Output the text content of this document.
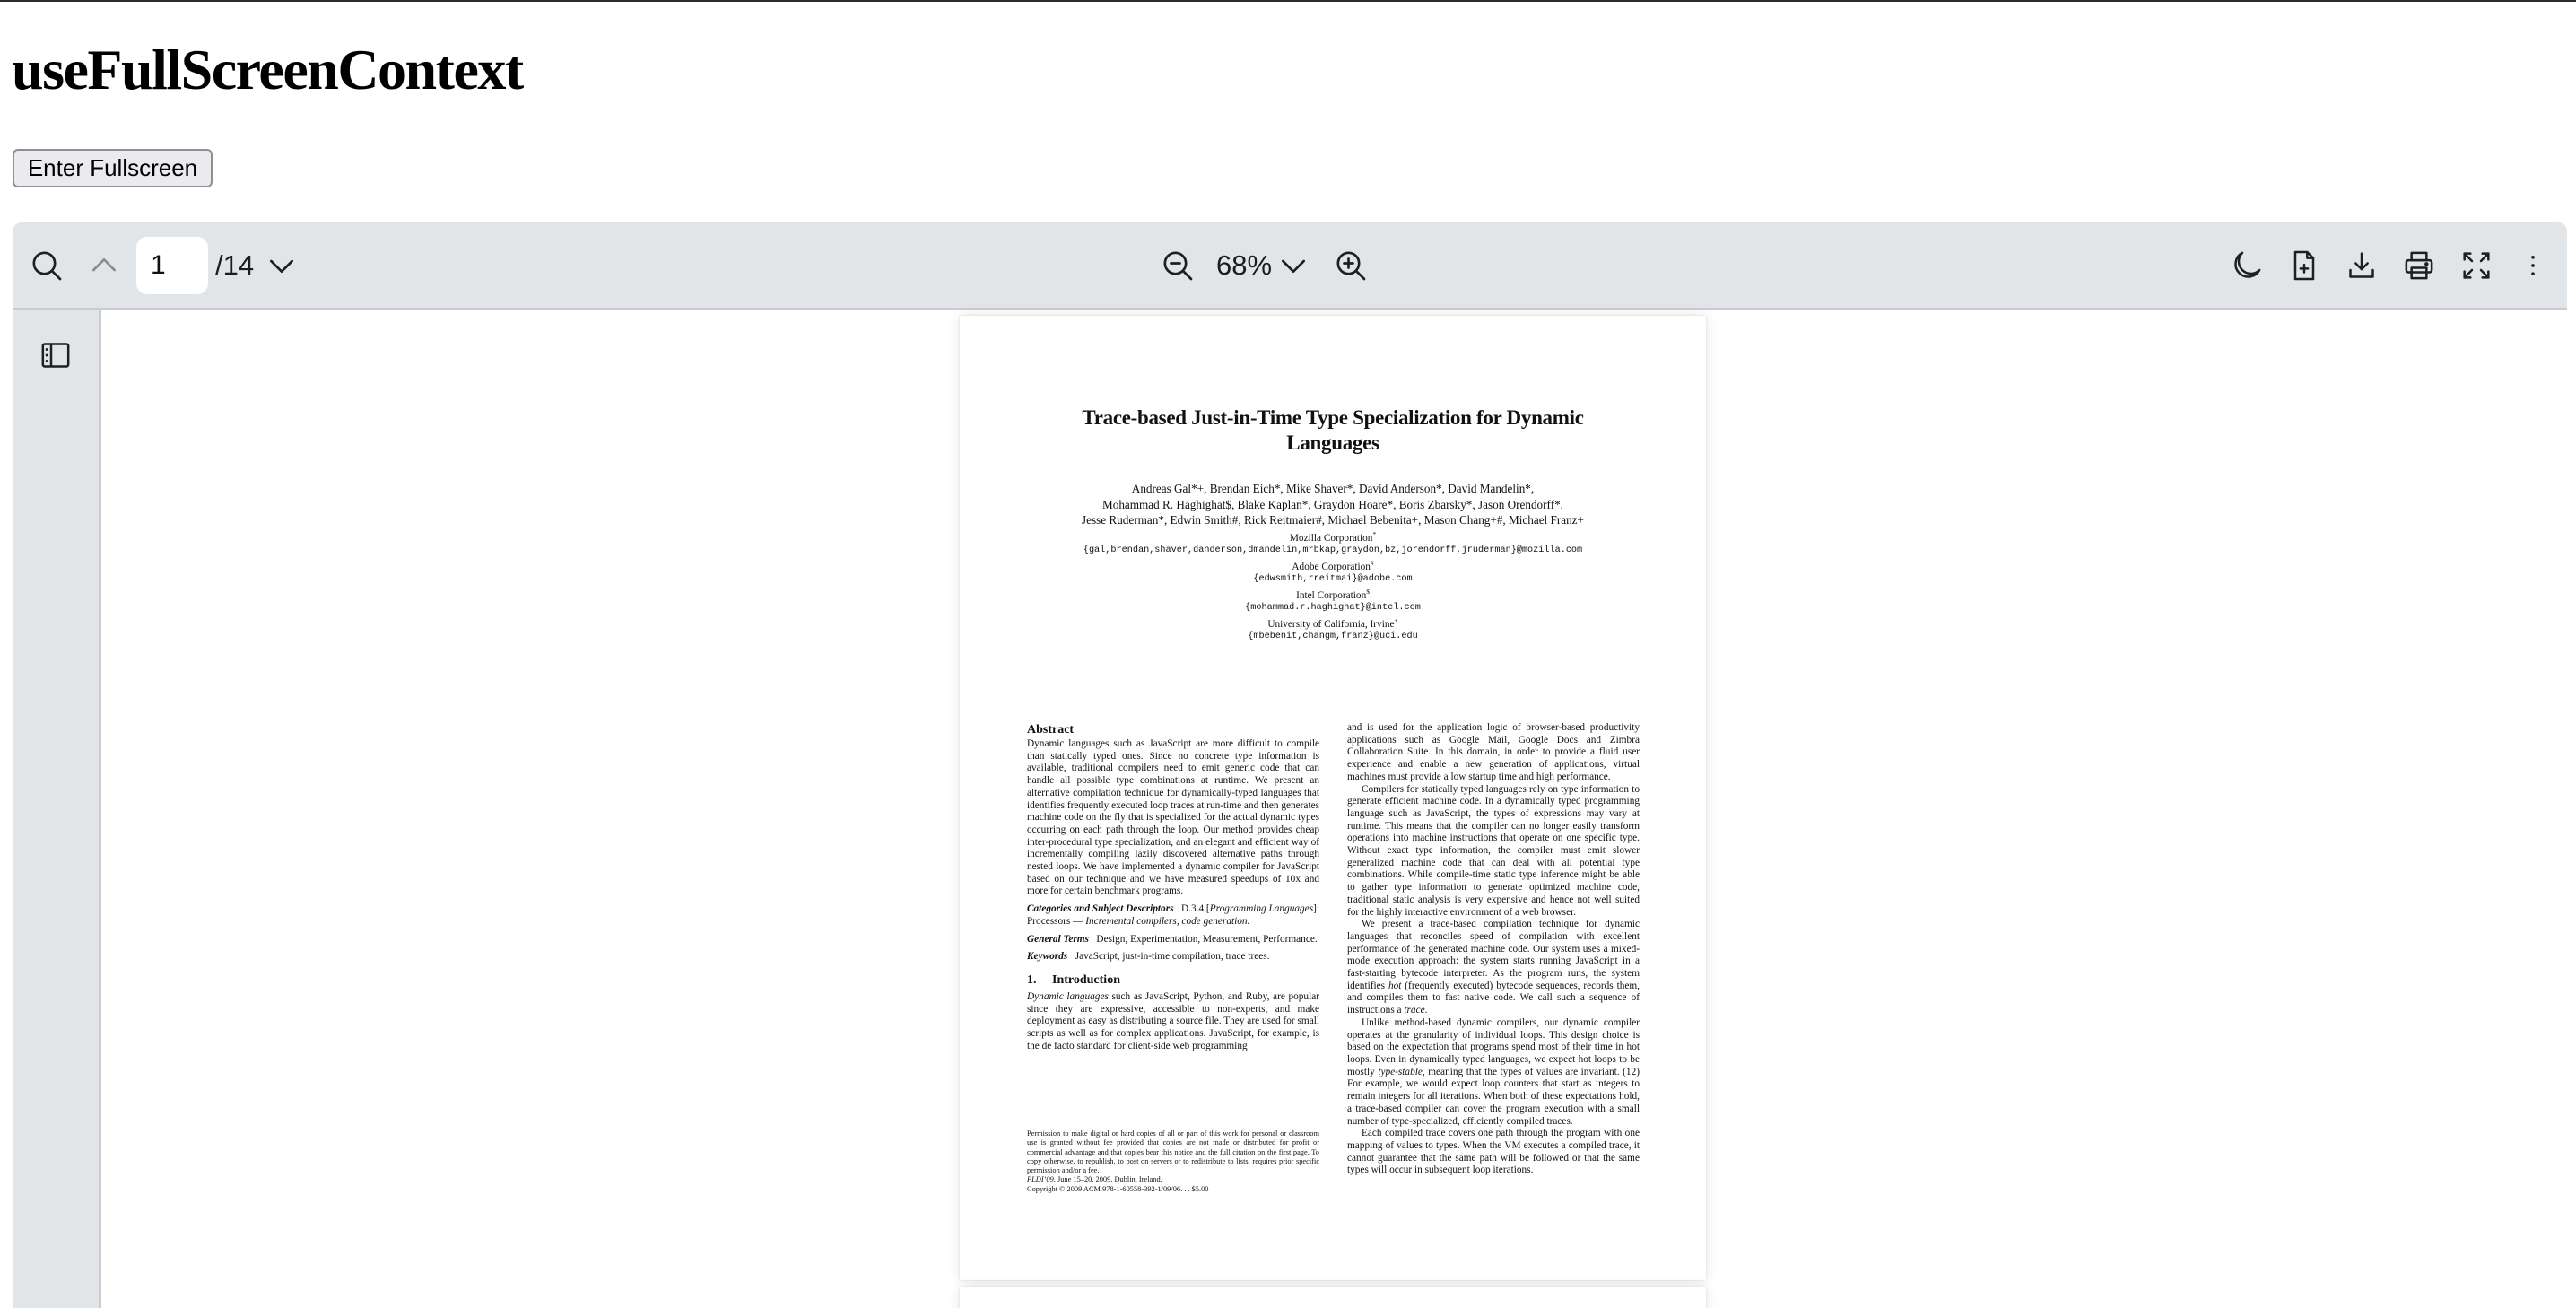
useFullScreenContext
Enter Fullscreen
1
/14	68%
Trace-based Just-in-Time Type Specialization for Dynamic Languages
Andreas Gal*+, Brendan Eich*, Mike Shaver*, David Anderson*, David Mandelin*,
Mohammad R. Haghighat$, Blake Kaplan*, Graydon Hoare*, Boris Zbarsky*, Jason Orendorff*,
Jesse Ruderman*, Edwin Smith#, Rick Reitmaier#, Michael Bebenita+, Mason Chang+#, Michael Franz+
Mozilla Corporation*
{gal,brendan,shaver,danderson,dmandelin,mrbkap,graydon,bz,jorendorff,jruderman}@mozilla.com
Adobe Corporation#
{edwsmith,rreitmai}@adobe.com
Intel Corporation$
{mohammad.r.haghighat}@intel.com
University of California, Irvine+
{mbebenit,changm,franz}@uci.edu
Abstract

Dynamic languages such as JavaScript are more difficult to compile than statically typed ones. Since no concrete type information is available, traditional compilers need to emit generic code that can handle all possible type combinations at runtime. We present an alternative compilation technique for dynamically-typed languages that identifies frequently executed loop traces at run-time and then generates machine code on the fly that is specialized for the actual dynamic types occurring on each path through the loop. Our method provides cheap inter-procedural type specialization, and an elegant and efficient way of incrementally compiling lazily discovered alternative paths through nested loops. We have implemented a dynamic compiler for JavaScript based on our technique and we have measured speedups of 10x and more for certain benchmark programs.

Categories and Subject Descriptors D.3.4 [Programming Languages]: Processors — Incremental compilers, code generation.

General Terms Design, Experimentation, Measurement, Performance.

Keywords JavaScript, just-in-time compilation, trace trees.

1. Introduction

Dynamic languages such as JavaScript, Python, and Ruby, are popular since they are expressive, accessible to non-experts, and make deployment as easy as distributing a source file. They are used for small scripts as well as for complex applications. JavaScript, for example, is the de facto standard for client-side web programming

Permission to make digital or hard copies of all or part of this work for personal or classroom use is granted without fee provided that copies are not made or distributed for profit or commercial advantage and that copies bear this notice and the full citation on the first page. To copy otherwise, to republish, to post on servers or to redistribute to lists, requires prior specific permission and/or a fee.

PLDI’09, June 15–20, 2009, Dublin, Ireland.

Copyright © 2009 ACM 978-1-60558-392-1/09/06. . . $5.00

and is used for the application logic of browser-based productivity applications such as Google Mail, Google Docs and Zimbra Collaboration Suite. In this domain, in order to provide a fluid user experience and enable a new generation of applications, virtual machines must provide a low startup time and high performance.

Compilers for statically typed languages rely on type information to generate efficient machine code. In a dynamically typed programming language such as JavaScript, the types of expressions may vary at runtime. This means that the compiler can no longer easily transform operations into machine instructions that operate on one specific type. Without exact type information, the compiler must emit slower generalized machine code that can deal with all potential type combinations. While compile-time static type inference might be able to gather type information to generate optimized machine code, traditional static analysis is very expensive and hence not well suited for the highly interactive environment of a web browser.

We present a trace-based compilation technique for dynamic languages that reconciles speed of compilation with excellent performance of the generated machine code. Our system uses a mixed-mode execution approach: the system starts running JavaScript in a fast-starting bytecode interpreter. As the program runs, the system identifies hot (frequently executed) bytecode sequences, records them, and compiles them to fast native code. We call such a sequence of instructions a trace.

Unlike method-based dynamic compilers, our dynamic compiler operates at the granularity of individual loops. This design choice is based on the expectation that programs spend most of their time in hot loops. Even in dynamically typed languages, we expect hot loops to be mostly type-stable, meaning that the types of values are invariant. (12) For example, we would expect loop counters that start as integers to remain integers for all iterations. When both of these expectations hold, a trace-based compiler can cover the program execution with a small number of type-specialized, efficiently compiled traces.

Each compiled trace covers one path through the program with one mapping of values to types. When the VM executes a compiled trace, it cannot guarantee that the same path will be followed or that the same types will occur in subsequent loop iterations.
